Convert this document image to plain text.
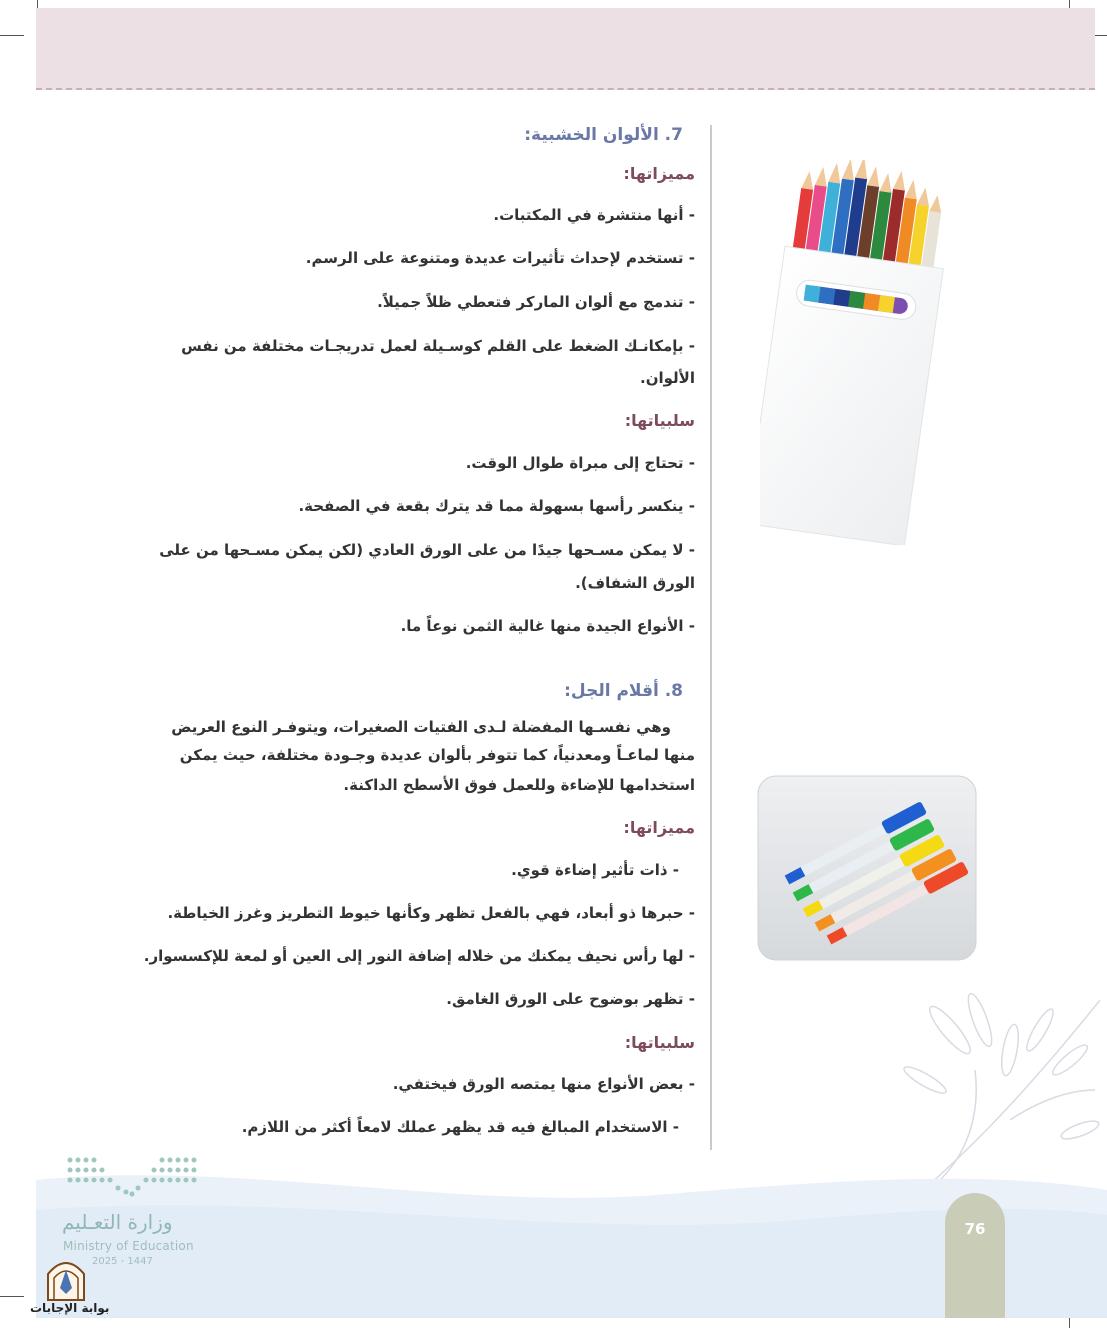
7. الألوان الخشبية:
مميزاتها:
- أنها منتشرة في المكتبات.
- تستخدم لإحداث تأثيرات عديدة ومتنوعة على الرسم.
- تندمج مع ألوان الماركر فتعطي ظلاً جميلاً.
- بإمكانـك الضغط على القلم كوسـيلة لعمل تدريجـات مختلفة من نفس
الألوان.
سلبياتها:
- تحتاج إلى مبراة طوال الوقت.
- ينكسر رأسها بسهولة مما قد يترك بقعة في الصفحة.
- لا يمكن مسـحها جيدًا من على الورق العادي (لكن يمكن مسـحها من على
الورق الشفاف).
- الأنواع الجيدة منها غالية الثمن نوعاً ما.
8. أقلام الجل:
وهي نفسـها المفضلة لـدى الفتيات الصغيرات، ويتوفـر النوع العريض
منها لماعـاً ومعدنياً، كما تتوفر بألوان عديدة وجـودة مختلفة، حيث يمكن
استخدامها للإضاءة وللعمل فوق الأسطح الداكنة.
مميزاتها:
- ذات تأثير إضاءة قوي.
- حبرها ذو أبعاد، فهي بالفعل تظهر وكأنها خيوط التطريز وغرز الخياطة.
- لها رأس نحيف يمكنك من خلاله إضافة النور إلى العين أو لمعة للإكسسوار.
- تظهر بوضوح على الورق الغامق.
سلبياتها:
- بعض الأنواع منها يمتصه الورق فيختفي.
- الاستخدام المبالغ فيه قد يظهر عملك لامعاً أكثر من اللازم.
وزارة التعـليم
Ministry of Education
2025 - 1447
بوابة الإجابات
76
